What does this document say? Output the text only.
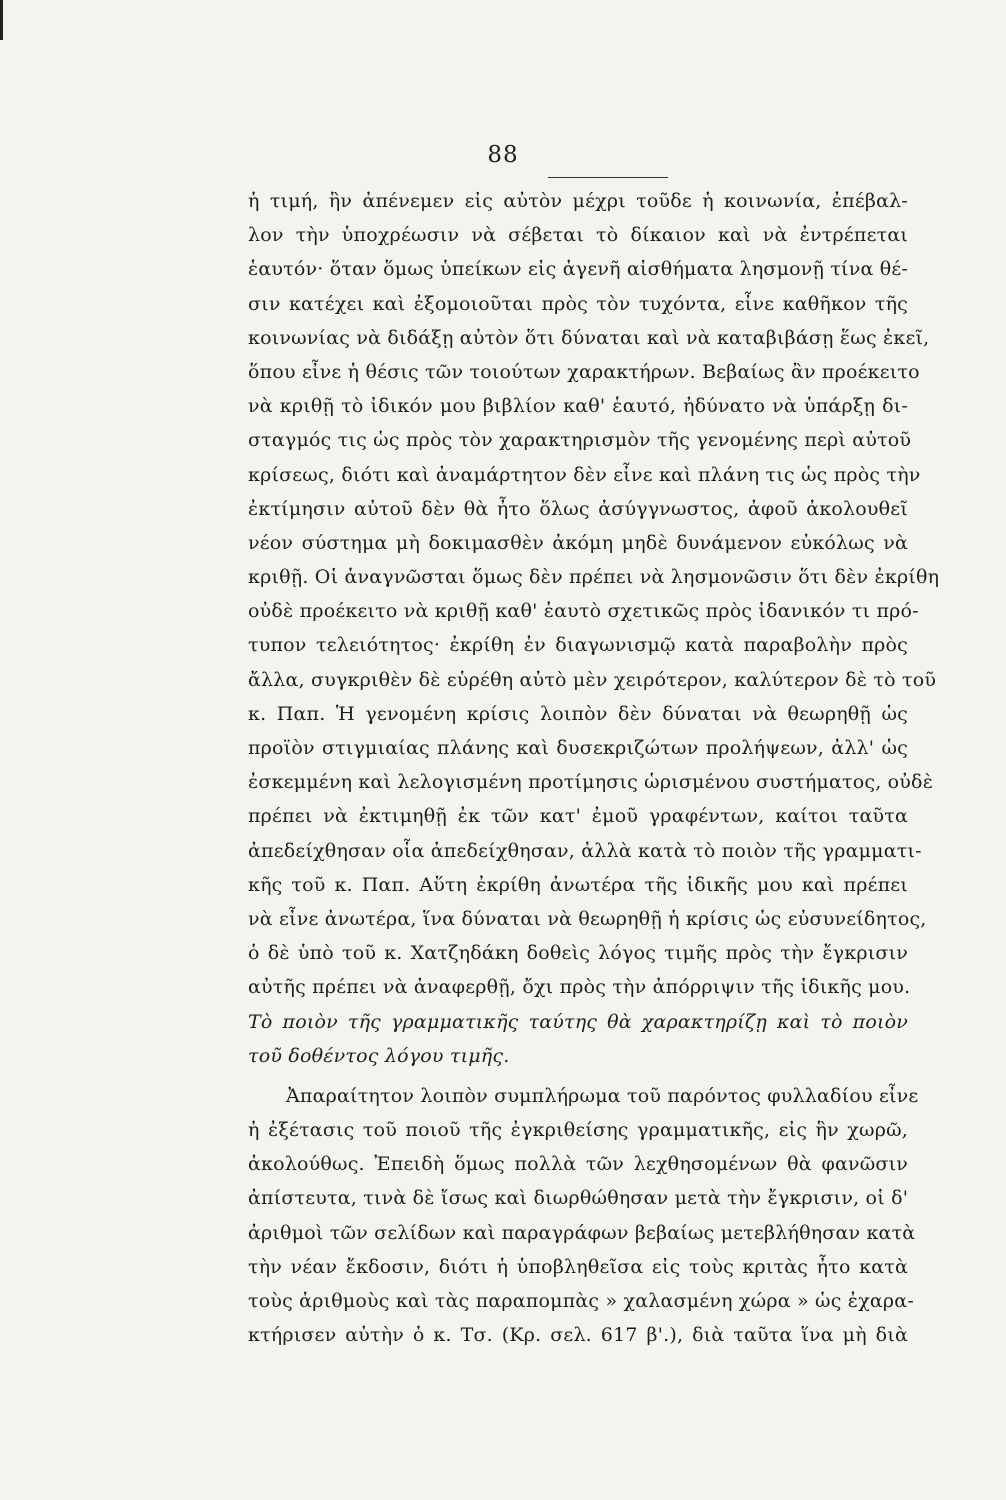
88
ἡ τιμή, ἣν ἀπένεμεν εἰς αὐτὸν μέχρι τοῦδε ἡ κοινωνία, ἐπέβαλ-
λον τὴν ὑποχρέωσιν νὰ σέβεται τὸ δίκαιον καὶ νὰ ἐντρέπεται
ἑαυτόν· ὅταν ὅμως ὑπείκων εἰς ἀγενῆ αἰσθήματα λησμονῇ τίνα θέ-
σιν κατέχει καὶ ἐξομοιοῦται πρὸς τὸν τυχόντα, εἶνε καθῆκον τῆς
κοινωνίας νὰ διδάξῃ αὐτὸν ὅτι δύναται καὶ νὰ καταβιβάσῃ ἕως ἐκεῖ,
ὅπου εἶνε ἡ θέσις τῶν τοιούτων χαρακτήρων. Βεβαίως ἂν προέκειτο
νὰ κριθῇ τὸ ἰδικόν μου βιβλίον καθ' ἑαυτό, ἠδύνατο νὰ ὑπάρξῃ δι-
σταγμός τις ὡς πρὸς τὸν χαρακτηρισμὸν τῆς γενομένης περὶ αὐτοῦ
κρίσεως, διότι καὶ ἀναμάρτητον δὲν εἶνε καὶ πλάνη τις ὡς πρὸς τὴν
ἐκτίμησιν αὐτοῦ δὲν θὰ ἦτο ὅλως ἀσύγγνωστος, ἀφοῦ ἀκολουθεῖ
νέον σύστημα μὴ δοκιμασθὲν ἀκόμη μηδὲ δυνάμενον εὐκόλως νὰ
κριθῇ. Οἱ ἀναγνῶσται ὅμως δὲν πρέπει νὰ λησμονῶσιν ὅτι δὲν ἐκρίθη
οὐδὲ προέκειτο νὰ κριθῇ καθ' ἑαυτὸ σχετικῶς πρὸς ἰδανικόν τι πρό-
τυπον τελειότητος· ἐκρίθη ἐν διαγωνισμῷ κατὰ παραβολὴν πρὸς
ἄλλα, συγκριθὲν δὲ εὑρέθη αὐτὸ μὲν χειρότερον, καλύτερον δὲ τὸ τοῦ
κ. Παπ. Ἡ γενομένη κρίσις λοιπὸν δὲν δύναται νὰ θεωρηθῇ ὡς
προϊὸν στιγμιαίας πλάνης καὶ δυσεκριζώτων προλήψεων, ἀλλ' ὡς
ἐσκεμμένη καὶ λελογισμένη προτίμησις ὡρισμένου συστήματος, οὐδὲ
πρέπει νὰ ἐκτιμηθῇ ἐκ τῶν κατ' ἐμοῦ γραφέντων, καίτοι ταῦτα
ἀπεδείχθησαν οἷα ἀπεδείχθησαν, ἀλλὰ κατὰ τὸ ποιὸν τῆς γραμματι-
κῆς τοῦ κ. Παπ. Αὕτη ἐκρίθη ἀνωτέρα τῆς ἰδικῆς μου καὶ πρέπει
νὰ εἶνε ἀνωτέρα, ἵνα δύναται νὰ θεωρηθῇ ἡ κρίσις ὡς εὐσυνείδητος,
ὁ δὲ ὑπὸ τοῦ κ. Χατζηδάκη δοθεὶς λόγος τιμῆς πρὸς τὴν ἔγκρισιν
αὐτῆς πρέπει νὰ ἀναφερθῇ, ὄχι πρὸς τὴν ἀπόρριψιν τῆς ἰδικῆς μου.
Τὸ ποιὸν τῆς γραμματικῆς ταύτης θὰ χαρακτηρίζῃ καὶ τὸ ποιὸν
τοῦ δοθέντος λόγου τιμῆς.
Ἀπαραίτητον λοιπὸν συμπλήρωμα τοῦ παρόντος φυλλαδίου εἶνε
ἡ ἐξέτασις τοῦ ποιοῦ τῆς ἐγκριθείσης γραμματικῆς, εἰς ἣν χωρῶ,
ἀκολούθως. Ἐπειδὴ ὅμως πολλὰ τῶν λεχθησομένων θὰ φανῶσιν
ἀπίστευτα, τινὰ δὲ ἴσως καὶ διωρθώθησαν μετὰ τὴν ἔγκρισιν, οἱ δ'
ἀριθμοὶ τῶν σελίδων καὶ παραγράφων βεβαίως μετεβλήθησαν κατὰ
τὴν νέαν ἔκδοσιν, διότι ἡ ὑποβληθεῖσα εἰς τοὺς κριτὰς ἦτο κατὰ
τοὺς ἀριθμοὺς καὶ τὰς παραπομπὰς » χαλασμένη χώρα » ὡς ἐχαρα-
κτήρισεν αὐτὴν ὁ κ. Τσ. (Κρ. σελ. 617 β'.), διὰ ταῦτα ἵνα μὴ διὰ
